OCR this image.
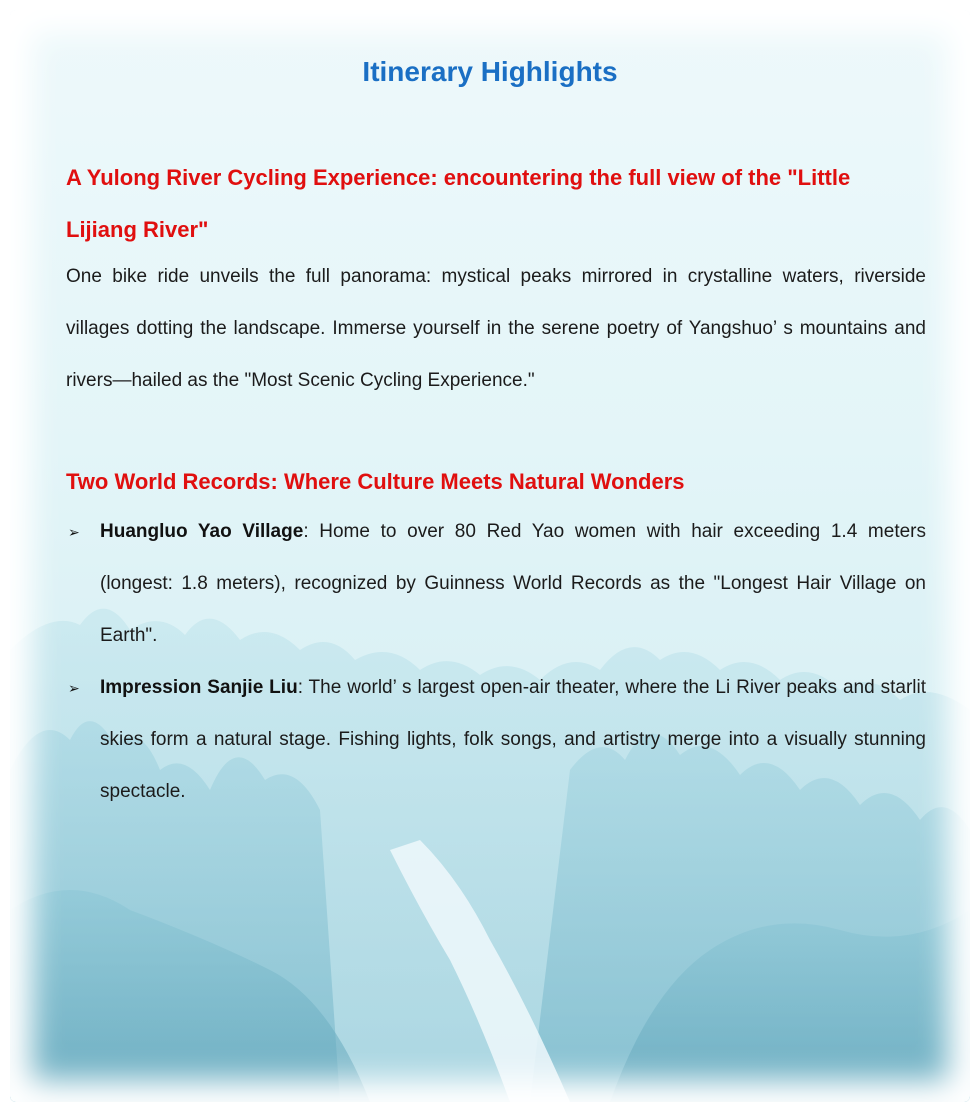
Itinerary Highlights
A Yulong River Cycling Experience: encountering the full view of the "Little Lijiang River"

One bike ride unveils the full panorama: mystical peaks mirrored in crystalline waters, riverside villages dotting the landscape. Immerse yourself in the serene poetry of Yangshuo’ s mountains and rivers—hailed as the "Most Scenic Cycling Experience."

Two World Records: Where Culture Meets Natural Wonders
➢ Huangluo Yao Village: Home to over 80 Red Yao women with hair exceeding 1.4 meters (longest: 1.8 meters), recognized by Guinness World Records as the "Longest Hair Village on Earth".
➢ Impression Sanjie Liu: The world’ s largest open-air theater, where the Li River peaks and starlit skies form a natural stage. Fishing lights, folk songs, and artistry merge into a visually stunning spectacle.
